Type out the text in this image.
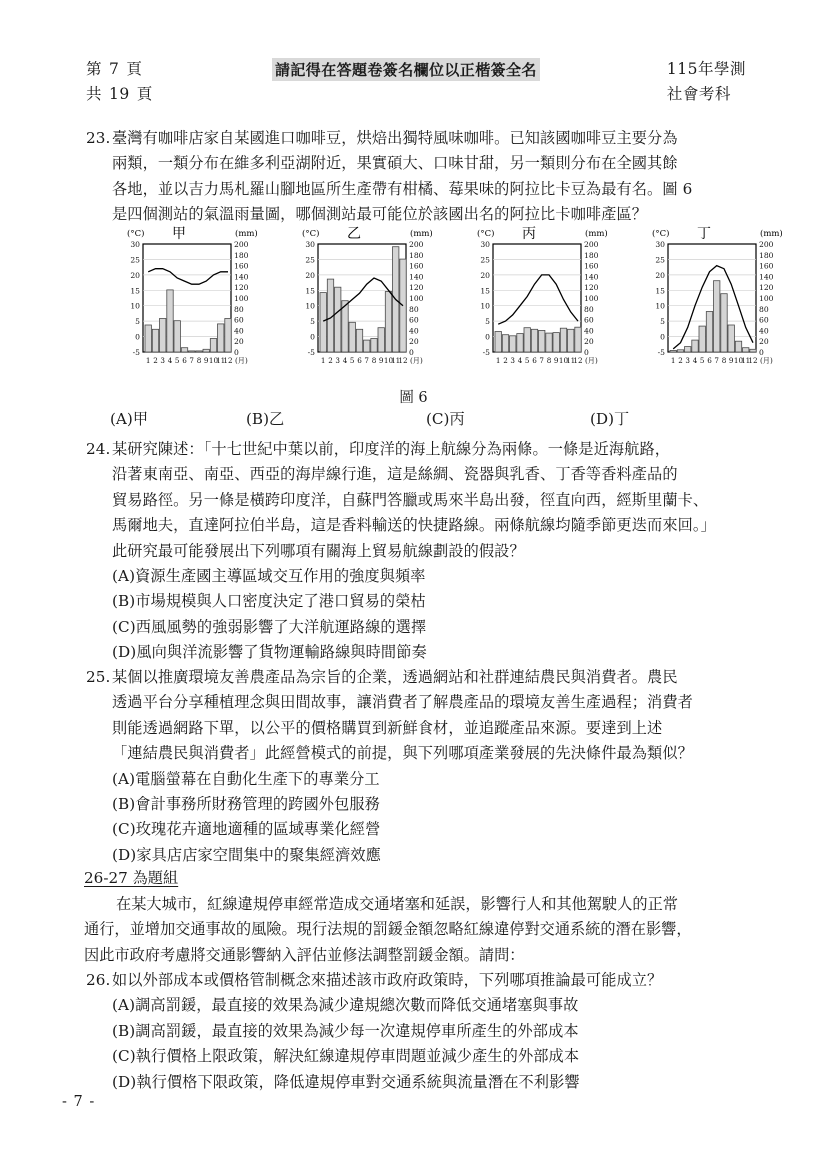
第 7 頁
共 19 頁
請記得在答題卷簽名欄位以正楷簽全名	115年學測
社會考科
23. 臺灣有咖啡店家自某國進口咖啡豆，烘焙出獨特風味咖啡。已知該國咖啡豆主要分為
兩類，一類分布在維多利亞湖附近，果實碩大、口味甘甜，另一類則分布在全國其餘
各地，並以吉力馬札羅山腳地區所生產帶有柑橘、莓果味的阿拉比卡豆為最有名。圖 6
是四個測站的氣溫雨量圖，哪個測站最可能位於該國出名的阿拉比卡咖啡產區？
(°C) 甲	(mm)
30
25
20
15
10
5
0
-5
200
180
160
140
120
100
80
60
40
20
0
1 2 3 4 5 6 7 8 9 10
11
12 (月)
(°C) 乙	(mm)
30
25
20
15
10
5
0
-5
200
180
160
140
120
100
80
60
40
20
0
1 2 3 4 5 6 7 8 9 10
11
12 (月)
(°C) 丙	(mm)
30
25
20
15
10
5
0
-5
200
180
160
140
120
100
80
60
40
20
0
1 2 3 4 5 6 7 8 9 10
11
12 (月)
(°C) 丁	(mm)
30
25
20
15
10
5
0
-5
200
180
160
140
120
100
80
60
40
20
0
1 2 3 4 5 6 7 8 9 10
11
12 (月)
圖 6
(A)甲	(B)乙	(C)丙	(D)丁
24. 某研究陳述：「十七世紀中葉以前，印度洋的海上航線分為兩條。一條是近海航路，
沿著東南亞、南亞、西亞的海岸線行進，這是絲綢、瓷器與乳香、丁香等香料產品的
貿易路徑。另一條是橫跨印度洋，自蘇門答臘或馬來半島出發，徑直向西，經斯里蘭卡、
馬爾地夫，直達阿拉伯半島，這是香料輸送的快捷路線。兩條航線均隨季節更迭而來回。」
此研究最可能發展出下列哪項有關海上貿易航線劃設的假設？
(A)資源生產國主導區域交互作用的強度與頻率
(B)市場規模與人口密度決定了港口貿易的榮枯
(C)西風風勢的強弱影響了大洋航運路線的選擇
(D)風向與洋流影響了貨物運輸路線與時間節奏
25. 某個以推廣環境友善農產品為宗旨的企業，透過網站和社群連結農民與消費者。農民
透過平台分享種植理念與田間故事，讓消費者了解農產品的環境友善生產過程；消費者
則能透過網路下單，以公平的價格購買到新鮮食材，並追蹤產品來源。要達到上述
「連結農民與消費者」此經營模式的前提，與下列哪項產業發展的先決條件最為類似？
(A)電腦螢幕在自動化生產下的專業分工
(B)會計事務所財務管理的跨國外包服務
(C)玫瑰花卉適地適種的區域專業化經營
(D)家具店店家空間集中的聚集經濟效應
26-27 為題組
在某大城市，紅線違規停車經常造成交通堵塞和延誤，影響行人和其他駕駛人的正常
通行，並增加交通事故的風險。現行法規的罰鍰金額忽略紅線違停對交通系統的潛在影響，
因此市政府考慮將交通影響納入評估並修法調整罰鍰金額。請問：
26. 如以外部成本或價格管制概念來描述該市政府政策時，下列哪項推論最可能成立？
(A)調高罰鍰，最直接的效果為減少違規總次數而降低交通堵塞與事故
(B)調高罰鍰，最直接的效果為減少每一次違規停車所產生的外部成本
(C)執行價格上限政策，解決紅線違規停車問題並減少產生的外部成本
(D)執行價格下限政策，降低違規停車對交通系統與流量潛在不利影響
- 7 -
